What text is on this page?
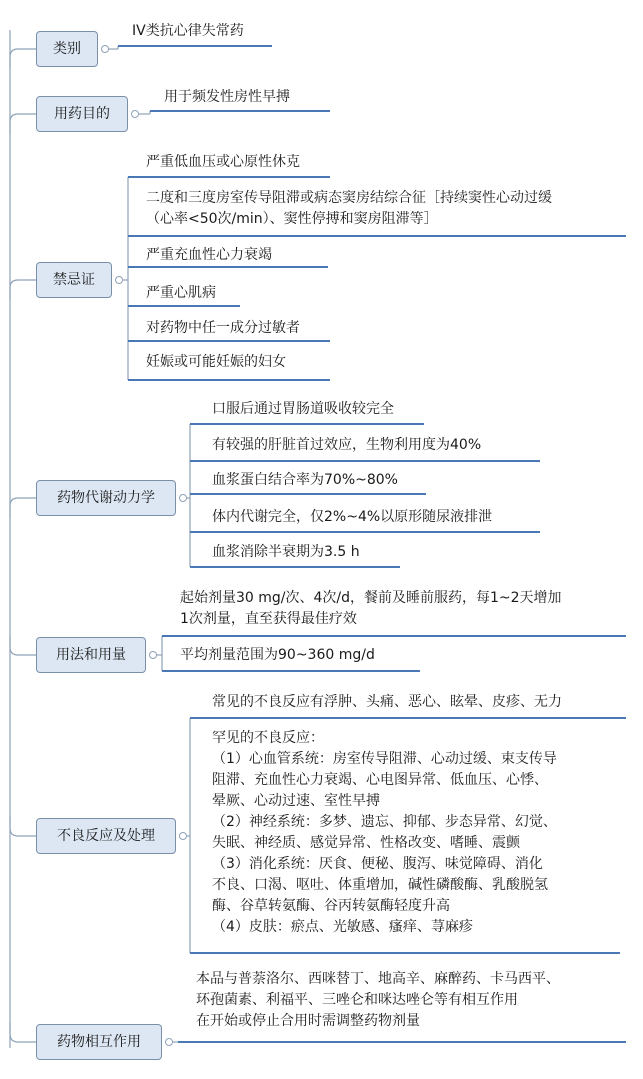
类别
IV类抗心律失常药
用药目的
用于频发性房性早搏
禁忌证
严重低血压或心原性休克
二度和三度房室传导阻滞或病态窦房结综合征［持续窦性心动过缓
（心率<50次/min）、窦性停搏和窦房阻滞等］
严重充血性心力衰竭
严重心肌病
对药物中任一成分过敏者
妊娠或可能妊娠的妇女
药物代谢动力学
口服后通过胃肠道吸收较完全
有较强的肝脏首过效应，生物利用度为40%
血浆蛋白结合率为70%~80%
体内代谢完全，仅2%~4%以原形随尿液排泄
血浆消除半衰期为3.5 h
用法和用量
起始剂量30 mg/次、4次/d，餐前及睡前服药，每1~2天增加
1次剂量，直至获得最佳疗效
平均剂量范围为90~360 mg/d
不良反应及处理
常见的不良反应有浮肿、头痛、恶心、眩晕、皮疹、无力
罕见的不良反应：
（1）心血管系统：房室传导阻滞、心动过缓、束支传导
阻滞、充血性心力衰竭、心电图异常、低血压、心悸、
晕厥、心动过速、室性早搏
（2）神经系统：多梦、遗忘、抑郁、步态异常、幻觉、
失眠、神经质、感觉异常、性格改变、嗜睡、震颤
（3）消化系统：厌食、便秘、腹泻、味觉障碍、消化
不良、口渴、呕吐、体重增加，碱性磷酸酶、乳酸脱氢
酶、谷草转氨酶、谷丙转氨酶轻度升高
（4）皮肤：瘀点、光敏感、瘙痒、荨麻疹
药物相互作用
本品与普萘洛尔、西咪替丁、地高辛、麻醉药、卡马西平、
环孢菌素、利福平、三唑仑和咪达唑仑等有相互作用
在开始或停止合用时需调整药物剂量
